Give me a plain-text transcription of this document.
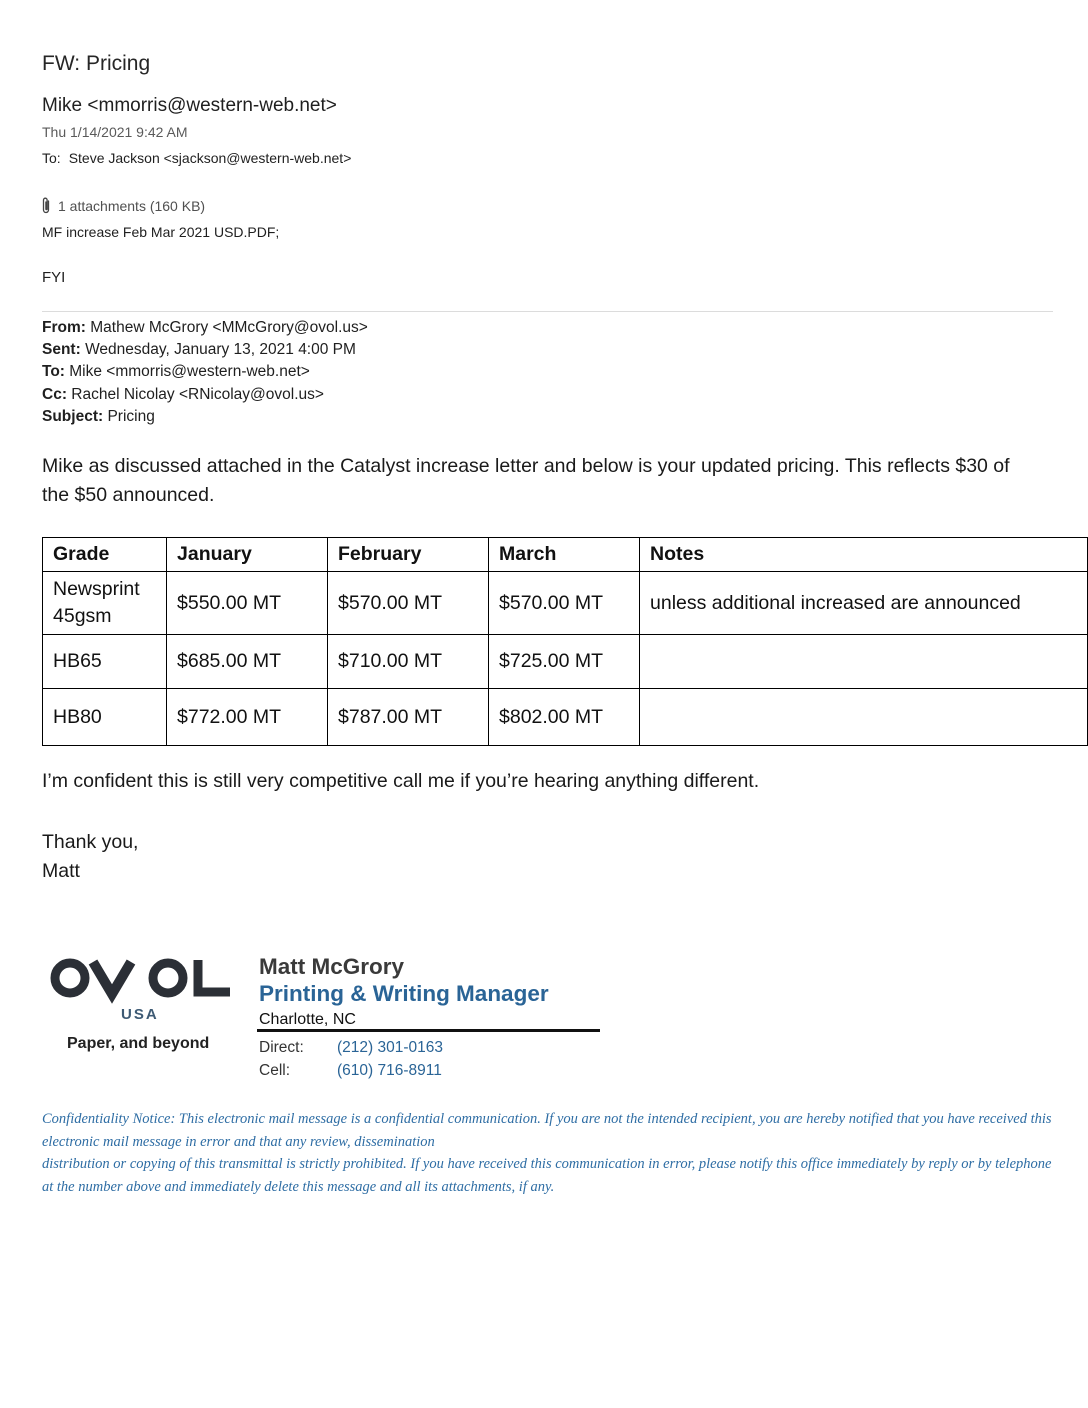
FW: Pricing
Mike <mmorris@western-web.net>
Thu 1/14/2021 9:42 AM
To: Steve Jackson <sjackson@western-web.net>
1 attachments (160 KB)
MF increase Feb Mar 2021 USD.PDF;
FYI
From: Mathew McGrory <MMcGrory@ovol.us>
Sent: Wednesday, January 13, 2021 4:00 PM
To: Mike <mmorris@western-web.net>
Cc: Rachel Nicolay <RNicolay@ovol.us>
Subject: Pricing
Mike as discussed attached in the Catalyst increase letter and below is your updated pricing. This reflects $30 of the $50 announced.
Grade	January	February	March	Notes
Newsprint 45gsm	$550.00 MT	$570.00 MT	$570.00 MT	unless additional increased are announced
HB65	$685.00 MT	$710.00 MT	$725.00 MT	
HB80	$772.00 MT	$787.00 MT	$802.00 MT	
I’m confident this is still very competitive call me if you’re hearing anything different.
Thank you,
Matt
USA
Paper, and beyond
Matt McGrory
Printing & Writing Manager
Charlotte, NC
Direct: (212) 301-0163
Cell:	(610) 716-8911
Confidentiality Notice: This electronic mail message is a confidential communication. If you are not the intended recipient, you are hereby notified that you have received this electronic mail message in error and that any review, dissemination
distribution or copying of this transmittal is strictly prohibited. If you have received this communication in error, please notify this office immediately by reply or by telephone at the number above and immediately delete this message and all its attachments, if any.
